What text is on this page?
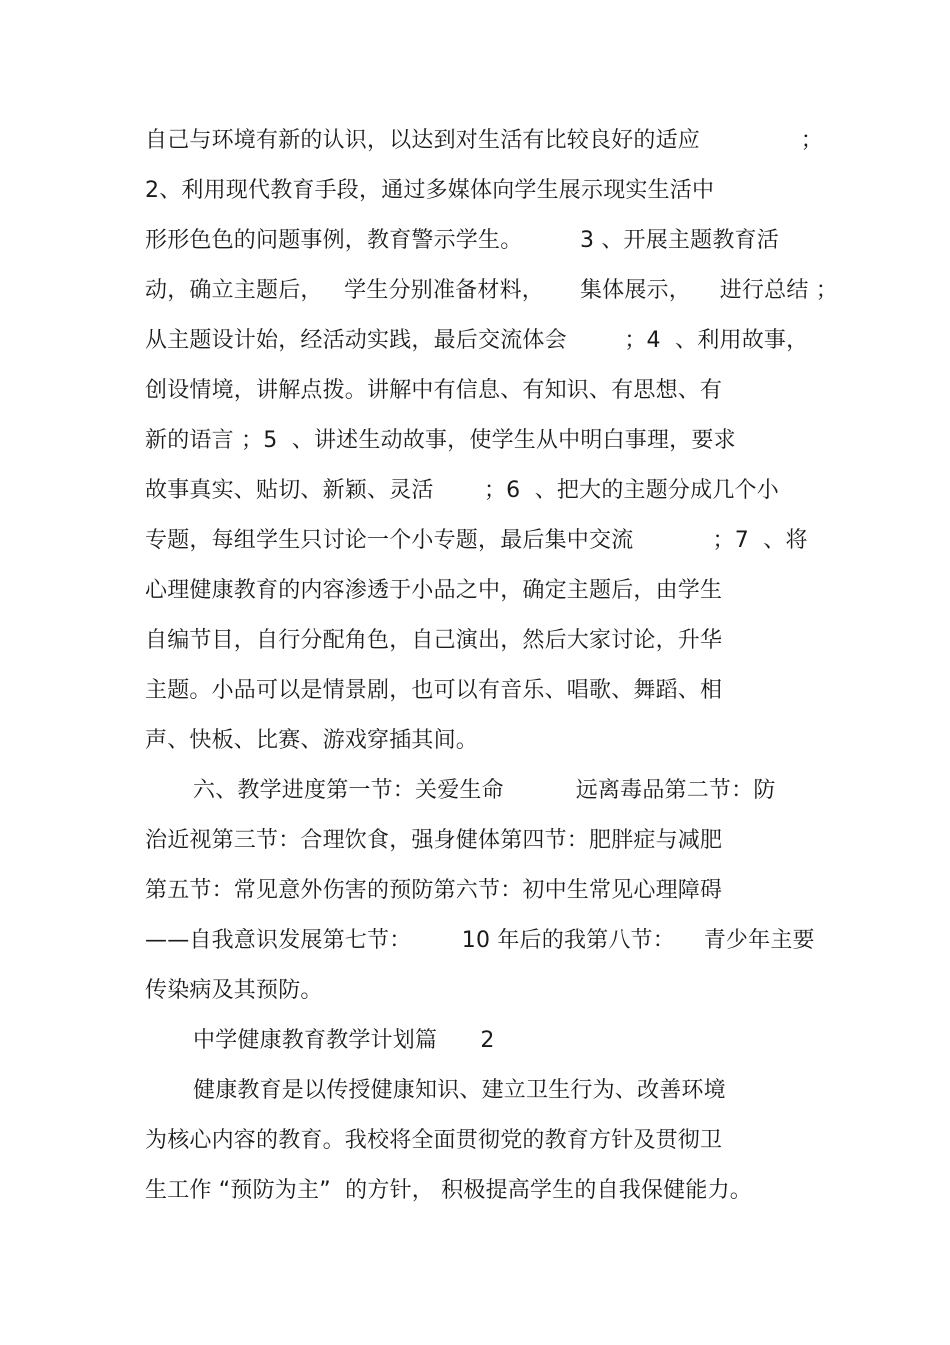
自己与环境有新的认识，以达到对生活有比较良好的适应              ；
2、利用现代教育手段，通过多媒体向学生展示现实生活中
形形色色的问题事例，教育警示学生。        3 、开展主题教育活
动，确立主题后，   学生分别准备材料，     集体展示，    进行总结 ；
从主题设计始，经活动实践，最后交流体会        ；4  、利用故事，
创设情境，讲解点拨。讲解中有信息、有知识、有思想、有
新的语言 ；5  、讲述生动故事，使学生从中明白事理，要求
故事真实、贴切、新颖、灵活       ；6  、把大的主题分成几个小
专题，每组学生只讨论一个小专题，最后集中交流           ；7  、将
心理健康教育的内容渗透于小品之中，确定主题后，由学生
自编节目，自行分配角色，自己演出，然后大家讨论，升华
主题。小品可以是情景剧，也可以有音乐、唱歌、舞蹈、相
声、快板、比赛、游戏穿插其间。
六、教学进度第一节：关爱生命          远离毒品第二节：防
治近视第三节：合理饮食，强身健体第四节：肥胖症与减肥
第五节：常见意外伤害的预防第六节：初中生常见心理障碍
——自我意识发展第七节：       10 年后的我第八节：    青少年主要
传染病及其预防。
中学健康教育教学计划篇      2
健康教育是以传授健康知识、建立卫生行为、改善环境
为核心内容的教育。我校将全面贯彻党的教育方针及贯彻卫
生工作 “预防为主”  的方针， 积极提高学生的自我保健能力。
